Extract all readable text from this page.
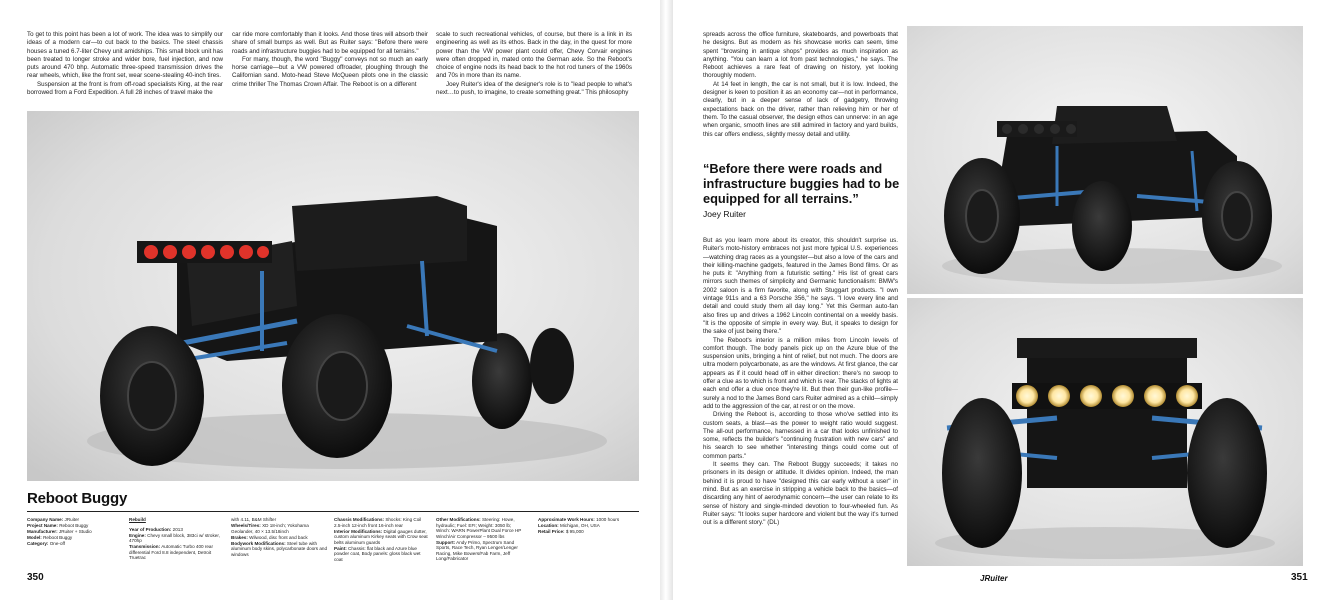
To get to this point has been a lot of work. The idea was to simplify our ideas of a modern car—to cut back to the basics. The steel chassis houses a tuned 6.7-liter Chevy unit amidships. This small block unit has been treated to longer stroke and wider bore, fuel injection, and now puts around 470 bhp. Automatic three-speed transmission drives the rear wheels, which, like the front set, wear scene-stealing 40-inch tires.

Suspension at the front is from off-road specialists King, at the rear borrowed from a Ford Expedition. A full 28 inches of travel make the

car ride more comfortably than it looks. And those tires will absorb their share of small bumps as well. But as Ruiter says: "Before there were roads and infrastructure buggies had to be equipped for all terrains."

For many, though, the word "Buggy" conveys not so much an early horse carriage—but a VW powered offroader, ploughing through the Californian sand. Moto-head Steve McQueen pilots one in the classic crime thriller The Thomas Crown Affair. The Reboot is on a different

scale to such recreational vehicles, of course, but there is a link in its engineering as well as its ethos. Back in the day, in the quest for more power than the VW power plant could offer, Chevy Corvair engines were often dropped in, mated onto the German axle. So the Reboot's choice of engine nods its head back to the hot rod tuners of the 1960s and 70s in more than its name.

Joey Ruiter's idea of the designer's role is to "lead people to what's next…to push, to imagine, to create something great." This philosophy

Reboot Buggy
Company Name: JRuiter
Project Name: Reboot Buggy
Manufacturer: JRuiter + Studio
Model: Reboot Buggy
Category: One-off
Rebuild
Year of Production: 2013
Engine: Chevy small block, 383ci w/ stroker, 470hp
Transmission: Automatic Turbo 400 rear differential Ford 8.8 independent, Detroit Truetrac
with 4.11, B&M Shifter
Wheels/Tires: XD 18-inch; Yokohama Geolander, 40 × 13.5/18inch
Brakes: Wilwood, disc front and back
Bodywork Modifications: Steel tube with aluminum body skins, polycarbonate doors and windows
Chassis Modifications: Shocks: King Coil 2.5-inch 12-inch front 16-inch rear
Interior Modifications: Digital gauges dutter, custom aluminum Kirkey seats with Crow seat belts aluminum guards
Paint: Chassis: flat black and Azure blue powder coat, Body panels: gloss black wet coat
Other Modifications: Steering: Howe, hydraulic; Fuel: EFI; Weight: 3050 lb; Winch: WARN PowerPlant Dual Force HP Winch/Air Compressor – 9500 lbs
Support: Andy Primo, Spectrum Sand Sports, Race Tech, Ryan Lenger/Lenger Racing, Mike Bowers/Fab Farm, Jeff Long/Fabricator
Approximate Work Hours: 1000 hours
Location: Michigan, OH, USA
Retail Price: $ 95,000
350

spreads across the office furniture, skateboards, and powerboats that he designs. But as modern as his showcase works can seem, time spent "browsing in antique shops" provides as much inspiration as anything. "You can learn a lot from past technologies," he says. The Reboot achieves a rare feat of drawing on history, yet looking thoroughly modern.

At 14 feet in length, the car is not small, but it is low. Indeed, the designer is keen to position it as an economy car—not in performance, clearly, but in a deeper sense of lack of gadgetry, throwing expectations back on the driver, rather than relieving him or her of them. To the casual observer, the design ethos can unnerve: in an age when organic, smooth lines are still admired in factory and yard builds, this car offers endless, slightly messy detail and utility.

“Before there were roads and infrastructure buggies had to be equipped for all terrains.”
Joey Ruiter

But as you learn more about its creator, this shouldn't surprise us. Ruiter's moto-history embraces not just more typical U.S. experiences—watching drag races as a youngster—but also a love of the cars and their killing-machine gadgets, featured in the James Bond films. Or as he puts it: "Anything from a futuristic setting." His list of great cars mirrors such themes of simplicity and Germanic functionalism: BMW's 2002 saloon is a firm favorite, along with Stuggart products. "I own vintage 911s and a 63 Porsche 356," he says. "I love every line and detail and could study them all day long." Yet this German auto-fan also fires up and drives a 1962 Lincoln continental on a weekly basis. "It is the opposite of simple in every way. But, it speaks to design for the sake of just being there."

The Reboot's interior is a million miles from Lincoln levels of comfort though. The body panels pick up on the Azure blue of the suspension units, bringing a hint of relief, but not much. The doors are ultra modern polycarbonate, as are the windows. At first glance, the car appears as if it could head off in either direction: there's no swoop to offer a clue as to which is front and which is rear. The stacks of lights at each end offer a clue once they're lit. But then their gun-like profile—surely a nod to the James Bond cars Ruiter admired as a child—simply add to the aggression of the car, at rest or on the move.

Driving the Reboot is, according to those who've settled into its custom seats, a blast—as the power to weight ratio would suggest. The all-out performance, harnessed in a car that looks unfinished to some, reflects the builder's "continuing frustration with new cars" and his search to see whether "interesting things could come out of common parts."

It seems they can. The Reboot Buggy succeeds; it takes no prisoners in its design or attitude. It divides opinion. Indeed, the man behind it is proud to have "designed this car early without a user" in mind. But as an exercise in stripping a vehicle back to the basics—of discarding any hint of aerodynamic concern—the user can relate to its sense of history and single-minded devotion to four-wheeled fun. As Ruiter says: "It looks super hardcore and violent but the way it's turned out is a different story." (DL)

JRuiter	351
